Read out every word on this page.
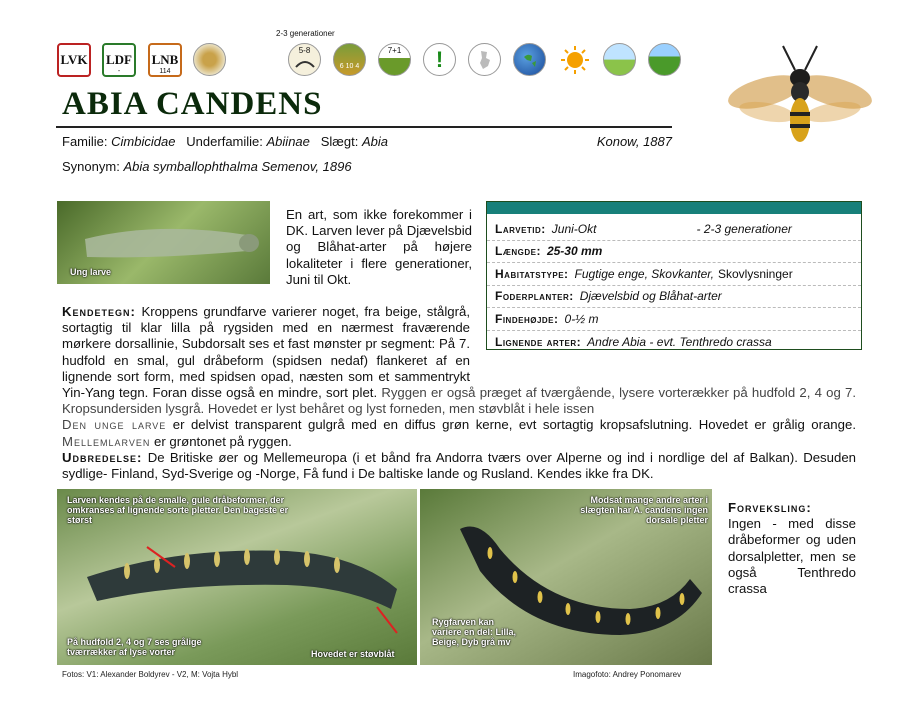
LVK LDF
-
LNB
114
2-3 generationer
5-8
6 10 4
7+1	!
ABIA CANDENS
Familie: Cimbicidae Underfamilie: Abiinae Slægt: Abia	Konow, 1887
Synonym: Abia symballophthalma Semenov, 1896
Ung larve
En art, som ikke forekommer i DK. Larven lever på Djævelsbid og Blåhat-arter på højere lokaliteter i flere generationer, Juni til Okt.
Larvetid: Juni-Okt	- 2-3 generationer
Længde: 25-30 mm
Habitatstype: Fugtige enge, Skovkanter, Skovlysninger
Foderplanter: Djævelsbid og Blåhat-arter
Findehøjde: 0-½ m
Lignende arter: Andre Abia - evt. Tenthredo crassa
Kendetegn: Kroppens grundfarve varierer noget, fra beige, stålgrå, sortagtig til klar lilla på rygsiden med en nærmest fraværende mørkere dorsallinie, Subdorsalt ses et fast mønster pr segment: På 7. hudfold en smal, gul dråbeform (spidsen nedaf) flankeret af en lignende sort form, med spidsen opad, næsten som et sammentrykt Yin-Yang tegn. Foran disse også en mindre, sort plet. Ryggen er også præget af tværgående, lysere vorterækker på hudfold 2, 4 og 7. Kropsundersiden lysgrå. Hovedet er lyst behåret og lyst forneden, men støvblåt i hele issen
Den unge larve er delvist transparent gulgrå med en diffus grøn kerne, evt sortagtig kropsafslutning. Hovedet er grålig orange. Mellemlarven er grøntonet på ryggen.
Udbredelse: De Britiske øer og Mellemeuropa (i et bånd fra Andorra tværs over Alperne og ind i nordlige del af Balkan). Desuden sydlige- Finland, Syd-Sverige og -Norge, Få fund i De baltiske lande og Rusland. Kendes ikke fra DK.
Larven kendes på de smalle, gule dråbeformer, der omkranses af lignende sorte pletter. Den bageste er størst
På hudfold 2, 4 og 7 ses grålige tværrækker af lyse vorter	Hovedet er støvblåt
Modsat mange andre arter i slægten har A. candens ingen dorsale pletter
Rygfarven kan variere en del: Lilla, Beige, Dyb grå mv
Forveksling:
Ingen - med disse dråbeformer og uden dorsalpletter, men se også Tenthredo crassa
Fotos: V1: Alexander Boldyrev - V2, M: Vojta Hybl	Imagofoto: Andrey Ponomarev
